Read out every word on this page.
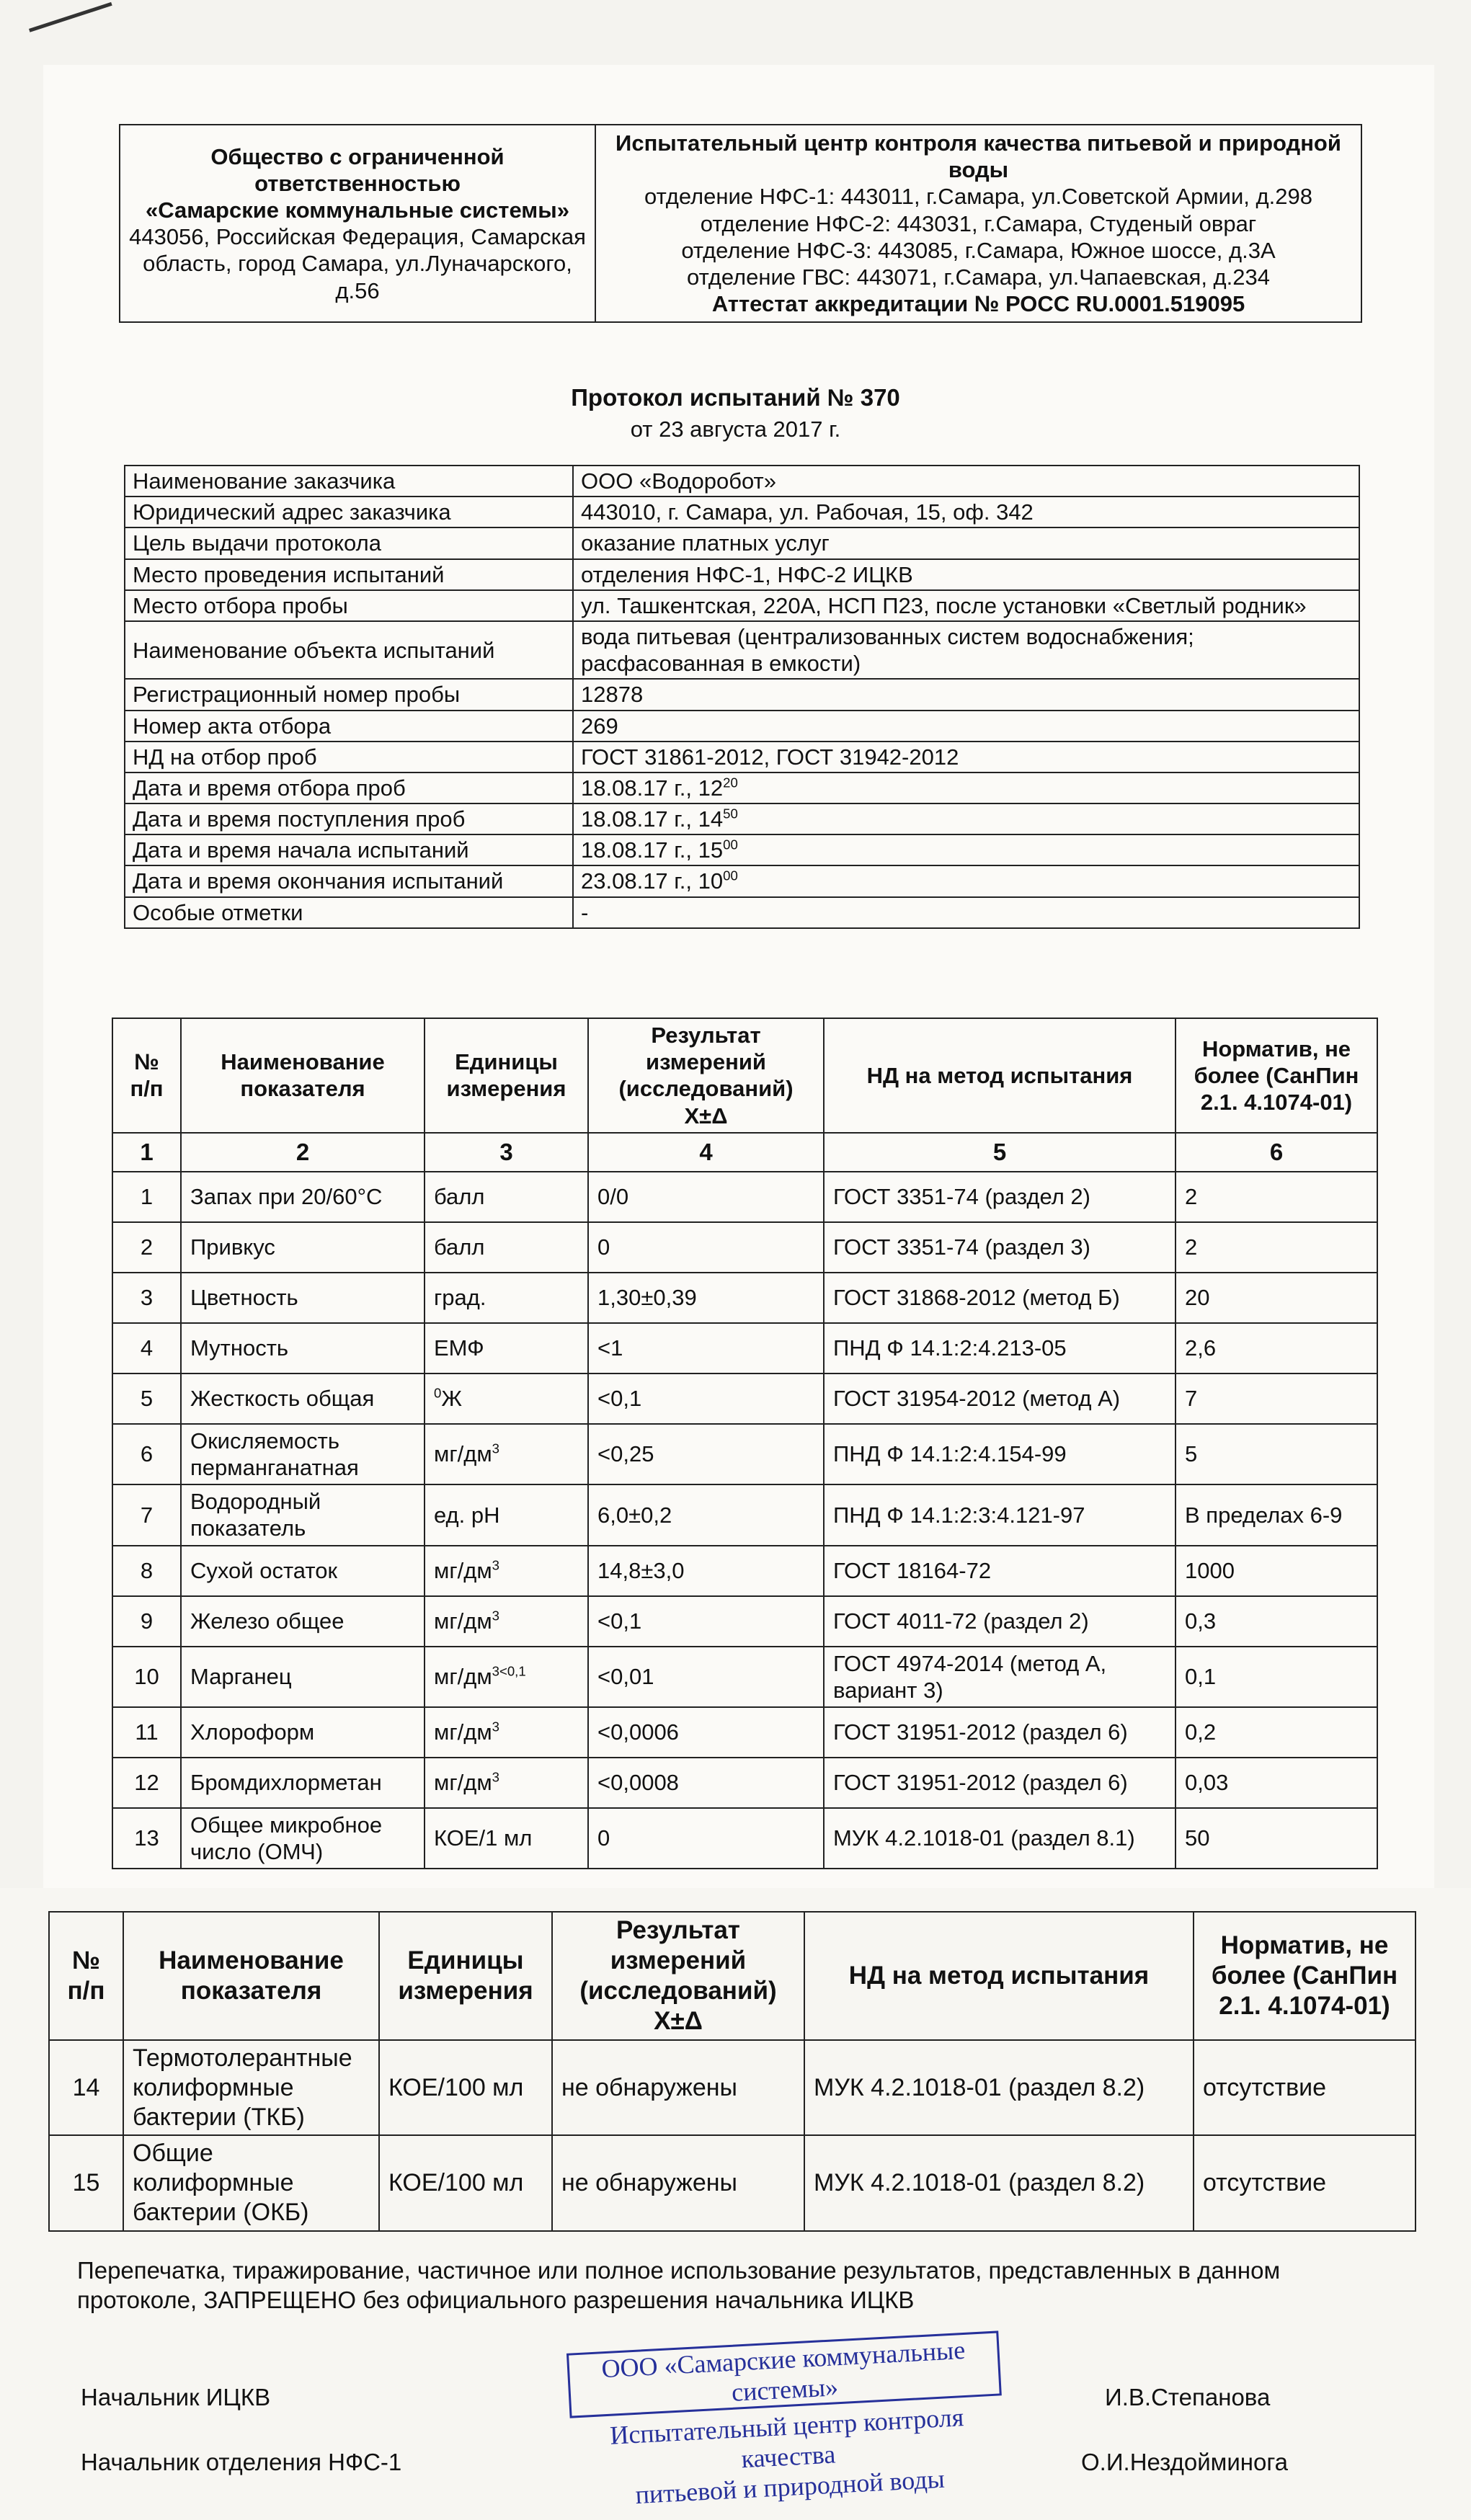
Общество с ограниченной ответственностью
«Самарские коммунальные системы»
443056, Российская Федерация, Самарская область, город Самара, ул.Луначарского, д.56

Испытательный центр контроля качества питьевой и природной воды
отделение НФС-1: 443011, г.Самара, ул.Советской Армии, д.298
отделение НФС-2: 443031, г.Самара, Студеный овраг
отделение НФС-3: 443085, г.Самара, Южное шоссе, д.3А
отделение ГВС: 443071, г.Самара, ул.Чапаевская, д.234
Аттестат аккредитации № РОСС RU.0001.519095
Протокол испытаний № 370
от 23 августа 2017 г.
Наименование заказчика	ООО «Водоробот»
Юридический адрес заказчика	443010, г. Самара, ул. Рабочая, 15, оф. 342
Цель выдачи протокола	оказание платных услуг
Место проведения испытаний	отделения НФС-1, НФС-2 ИЦКВ
Место отбора пробы	ул. Ташкентская, 220А, НСП П23, после установки «Светлый родник»
Наименование объекта испытаний	вода питьевая (централизованных систем водоснабжения; расфасованная в емкости)
Регистрационный номер пробы	12878
Номер акта отбора	269
НД на отбор проб	ГОСТ 31861-2012, ГОСТ 31942-2012
Дата и время отбора проб	18.08.17 г., $12^{20}$
Дата и время поступления проб	18.08.17 г., $14^{50}$
Дата и время начала испытаний	18.08.17 г., $15^{00}$
Дата и время окончания испытаний	23.08.17 г., $10^{00}$
Особые отметки	-
№ п/п	Наименование показателя	Единицы измерения	Результат измерений (исследований) Х±Δ	НД на метод испытания	Норматив, не более (СанПин 2.1. 4.1074-01)
1	2	3	4	5	6
1	Запах при 20/60°С	балл	0/0	ГОСТ 3351-74 (раздел 2)	2
2	Привкус	балл	0	ГОСТ 3351-74 (раздел 3)	2
3	Цветность	град.	1,30±0,39	ГОСТ 31868-2012 (метод Б)	20
4	Мутность	ЕМФ	<1	ПНД Ф 14.1:2:4.213-05	2,6
5	Жесткость общая	$^0$Ж	<0,1	ГОСТ 31954-2012 (метод А)	7
6	Окисляемость перманганатная	$мг/дм^3$	<0,25	ПНД Ф 14.1:2:4.154-99	5
7	Водородный показатель	ед. рН	6,0±0,2	ПНД Ф 14.1:2:3:4.121-97	В пределах 6-9
8	Сухой остаток	$мг/дм^3$	14,8±3,0	ГОСТ 18164-72	1000
9	Железо общее	$мг/дм^3$	<0,1	ГОСТ 4011-72 (раздел 2)	0,3
10	Марганец	$мг/дм^{3<0,1}$	<0,01	ГОСТ 4974-2014 (метод А, вариант 3)	0,1
11	Хлороформ	$мг/дм^3$	<0,0006	ГОСТ 31951-2012 (раздел 6)	0,2
12	Бромдихлорметан	$мг/дм^3$	<0,0008	ГОСТ 31951-2012 (раздел 6)	0,03
13	Общее микробное число (ОМЧ)	КОЕ/1 мл	0	МУК 4.2.1018-01 (раздел 8.1)	50
№ п/п	Наименование показателя	Единицы измерения	Результат измерений (исследований) Х±Δ	НД на метод испытания	Норматив, не более (СанПин 2.1. 4.1074-01)
14	Термотолерантные колиформные бактерии (ТКБ)	КОЕ/100 мл	не обнаружены	МУК 4.2.1018-01 (раздел 8.2)	отсутствие
15	Общие колиформные бактерии (ОКБ)	КОЕ/100 мл	не обнаружены	МУК 4.2.1018-01 (раздел 8.2)	отсутствие
Перепечатка, тиражирование, частичное или полное использование результатов, представленных в данном протоколе, ЗАПРЕЩЕНО без официального разрешения начальника ИЦКВ
Начальник ИЦКВ	И.В.Степанова
Начальник отделения НФС-1	О.И.Нездойминога
ООО «Самарские коммунальные системы»
Испытательный центр контроля качества
питьевой и природной воды
